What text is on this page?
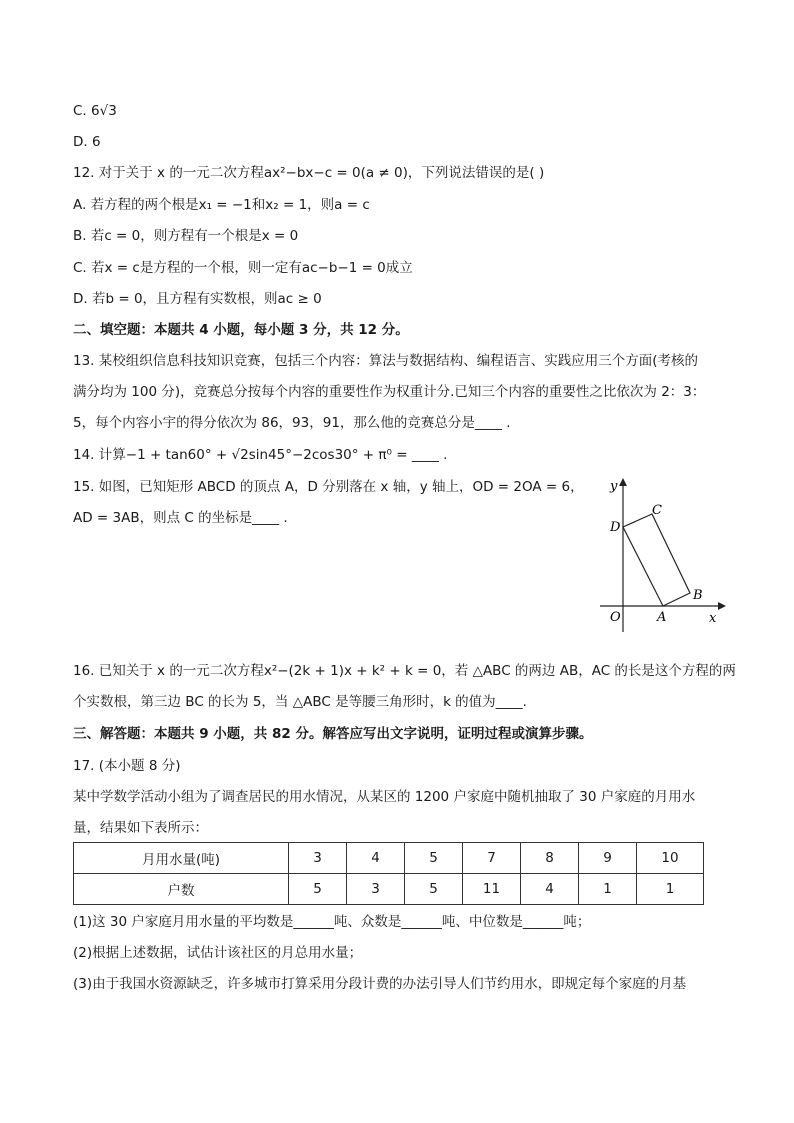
C. 6√3
D. 6
12. 对于关于 x 的一元二次方程ax²−bx−c = 0(a ≠ 0)，下列说法错误的是( )
A. 若方程的两个根是x₁ = −1和x₂ = 1，则a = c
B. 若c = 0，则方程有一个根是x = 0
C. 若x = c是方程的一个根，则一定有ac−b−1 = 0成立
D. 若b = 0，且方程有实数根，则ac ≥ 0
二、填空题：本题共 4 小题，每小题 3 分，共 12 分。
13. 某校组织信息科技知识竞赛，包括三个内容：算法与数据结构、编程语言、实践应用三个方面(考核的
满分均为 100 分)，竞赛总分按每个内容的重要性作为权重计分.已知三个内容的重要性之比依次为 2：3：
5，每个内容小宇的得分依次为 86，93，91，那么他的竞赛总分是____ .
14. 计算−1 + tan60° + √2sin45°−2cos30° + π⁰ = ____ .
15. 如图，已知矩形 ABCD 的顶点 A，D 分别落在 x 轴，y 轴上，OD = 2OA = 6，
AD = 3AB，则点 C 的坐标是____ .
16. 已知关于 x 的一元二次方程x²−(2k + 1)x + k² + k = 0，若 △ABC 的两边 AB，AC 的长是这个方程的两
个实数根，第三边 BC 的长为 5，当 △ABC 是等腰三角形时，k 的值为____.
三、解答题：本题共 9 小题，共 82 分。解答应写出文字说明，证明过程或演算步骤。
17. (本小题 8 分)
某中学数学活动小组为了调查居民的用水情况，从某区的 1200 户家庭中随机抽取了 30 户家庭的月用水
量，结果如下表所示：
(1)这 30 户家庭月用水量的平均数是______吨、众数是______吨、中位数是______吨；
(2)根据上述数据，试估计该社区的月总用水量；
(3)由于我国水资源缺乏，许多城市打算采用分段计费的办法引导人们节约用水，即规定每个家庭的月基
y
x
O	A
B
C
D
月用水量(吨)	3	4	5	7	8	9	10
户数	5	3	5	11	4	1	1
